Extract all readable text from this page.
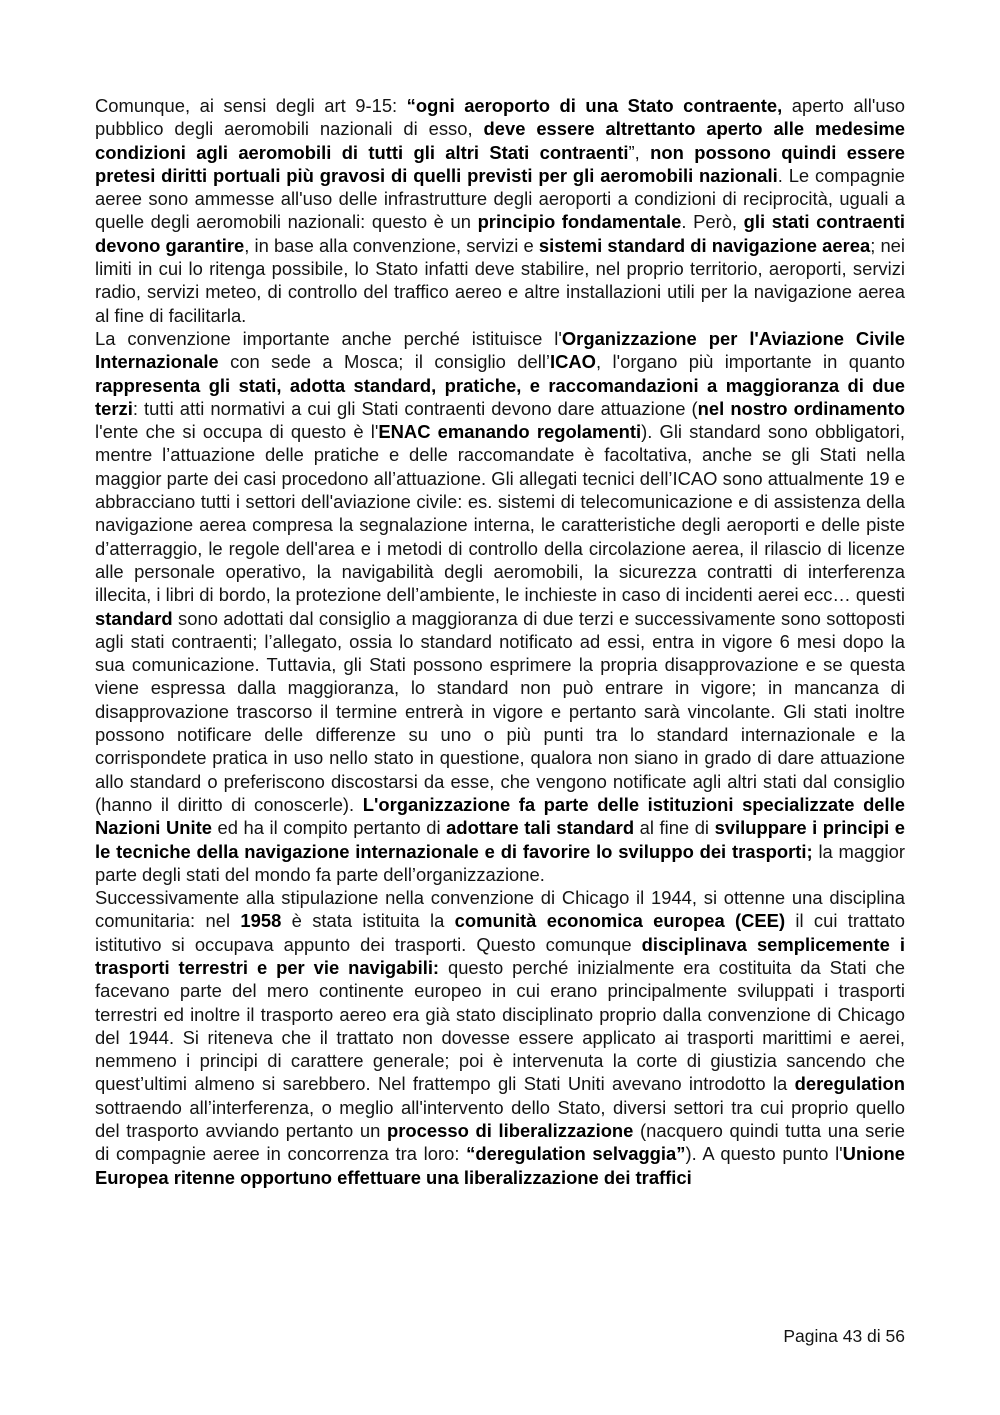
Comunque, ai sensi degli art 9-15: “ogni aeroporto di una Stato contraente, aperto all'uso pubblico degli aeromobili nazionali di esso, deve essere altrettanto aperto alle medesime condizioni agli aeromobili di tutti gli altri Stati contraenti”, non possono quindi essere pretesi diritti portuali più gravosi di quelli previsti per gli aeromobili nazionali. Le compagnie aeree sono ammesse all'uso delle infrastrutture degli aeroporti a condizioni di reciprocità, uguali a quelle degli aeromobili nazionali: questo è un principio fondamentale. Però, gli stati contraenti devono garantire, in base alla convenzione, servizi e sistemi standard di navigazione aerea; nei limiti in cui lo ritenga possibile, lo Stato infatti deve stabilire, nel proprio territorio, aeroporti, servizi radio, servizi meteo, di controllo del traffico aereo e altre installazioni utili per la navigazione aerea al fine di facilitarla.

La convenzione importante anche perché istituisce l'Organizzazione per l'Aviazione Civile Internazionale con sede a Mosca; il consiglio dell’ICAO, l'organo più importante in quanto rappresenta gli stati, adotta standard, pratiche, e raccomandazioni a maggioranza di due terzi: tutti atti normativi a cui gli Stati contraenti devono dare attuazione (nel nostro ordinamento l'ente che si occupa di questo è l'ENAC emanando regolamenti). Gli standard sono obbligatori, mentre l’attuazione delle pratiche e delle raccomandate è facoltativa, anche se gli Stati nella maggior parte dei casi procedono all’attuazione. Gli allegati tecnici dell’ICAO sono attualmente 19 e abbracciano tutti i settori dell'aviazione civile: es. sistemi di telecomunicazione e di assistenza della navigazione aerea compresa la segnalazione interna, le caratteristiche degli aeroporti e delle piste d’atterraggio, le regole dell'area e i metodi di controllo della circolazione aerea, il rilascio di licenze alle personale operativo, la navigabilità degli aeromobili, la sicurezza contratti di interferenza illecita, i libri di bordo, la protezione dell’ambiente, le inchieste in caso di incidenti aerei ecc… questi standard sono adottati dal consiglio a maggioranza di due terzi e successivamente sono sottoposti agli stati contraenti; l’allegato, ossia lo standard notificato ad essi, entra in vigore 6 mesi dopo la sua comunicazione. Tuttavia, gli Stati possono esprimere la propria disapprovazione e se questa viene espressa dalla maggioranza, lo standard non può entrare in vigore; in mancanza di disapprovazione trascorso il termine entrerà in vigore e pertanto sarà vincolante. Gli stati inoltre possono notificare delle differenze su uno o più punti tra lo standard internazionale e la corrispondete pratica in uso nello stato in questione, qualora non siano in grado di dare attuazione allo standard o preferiscono discostarsi da esse, che vengono notificate agli altri stati dal consiglio (hanno il diritto di conoscerle). L'organizzazione fa parte delle istituzioni specializzate delle Nazioni Unite ed ha il compito pertanto di adottare tali standard al fine di sviluppare i principi e le tecniche della navigazione internazionale e di favorire lo sviluppo dei trasporti; la maggior parte degli stati del mondo fa parte dell’organizzazione.

Successivamente alla stipulazione nella convenzione di Chicago il 1944, si ottenne una disciplina comunitaria: nel 1958 è stata istituita la comunità economica europea (CEE) il cui trattato istitutivo si occupava appunto dei trasporti. Questo comunque disciplinava semplicemente i trasporti terrestri e per vie navigabili: questo perché inizialmente era costituita da Stati che facevano parte del mero continente europeo in cui erano principalmente sviluppati i trasporti terrestri ed inoltre il trasporto aereo era già stato disciplinato proprio dalla convenzione di Chicago del 1944. Si riteneva che il trattato non dovesse essere applicato ai trasporti marittimi e aerei, nemmeno i principi di carattere generale; poi è intervenuta la corte di giustizia sancendo che quest’ultimi almeno si sarebbero. Nel frattempo gli Stati Uniti avevano introdotto la deregulation sottraendo all’interferenza, o meglio all'intervento dello Stato, diversi settori tra cui proprio quello del trasporto avviando pertanto un processo di liberalizzazione (nacquero quindi tutta una serie di compagnie aeree in concorrenza tra loro: “deregulation selvaggia”). A questo punto l'Unione Europea ritenne opportuno effettuare una liberalizzazione dei traffici

Pagina 43 di 56
